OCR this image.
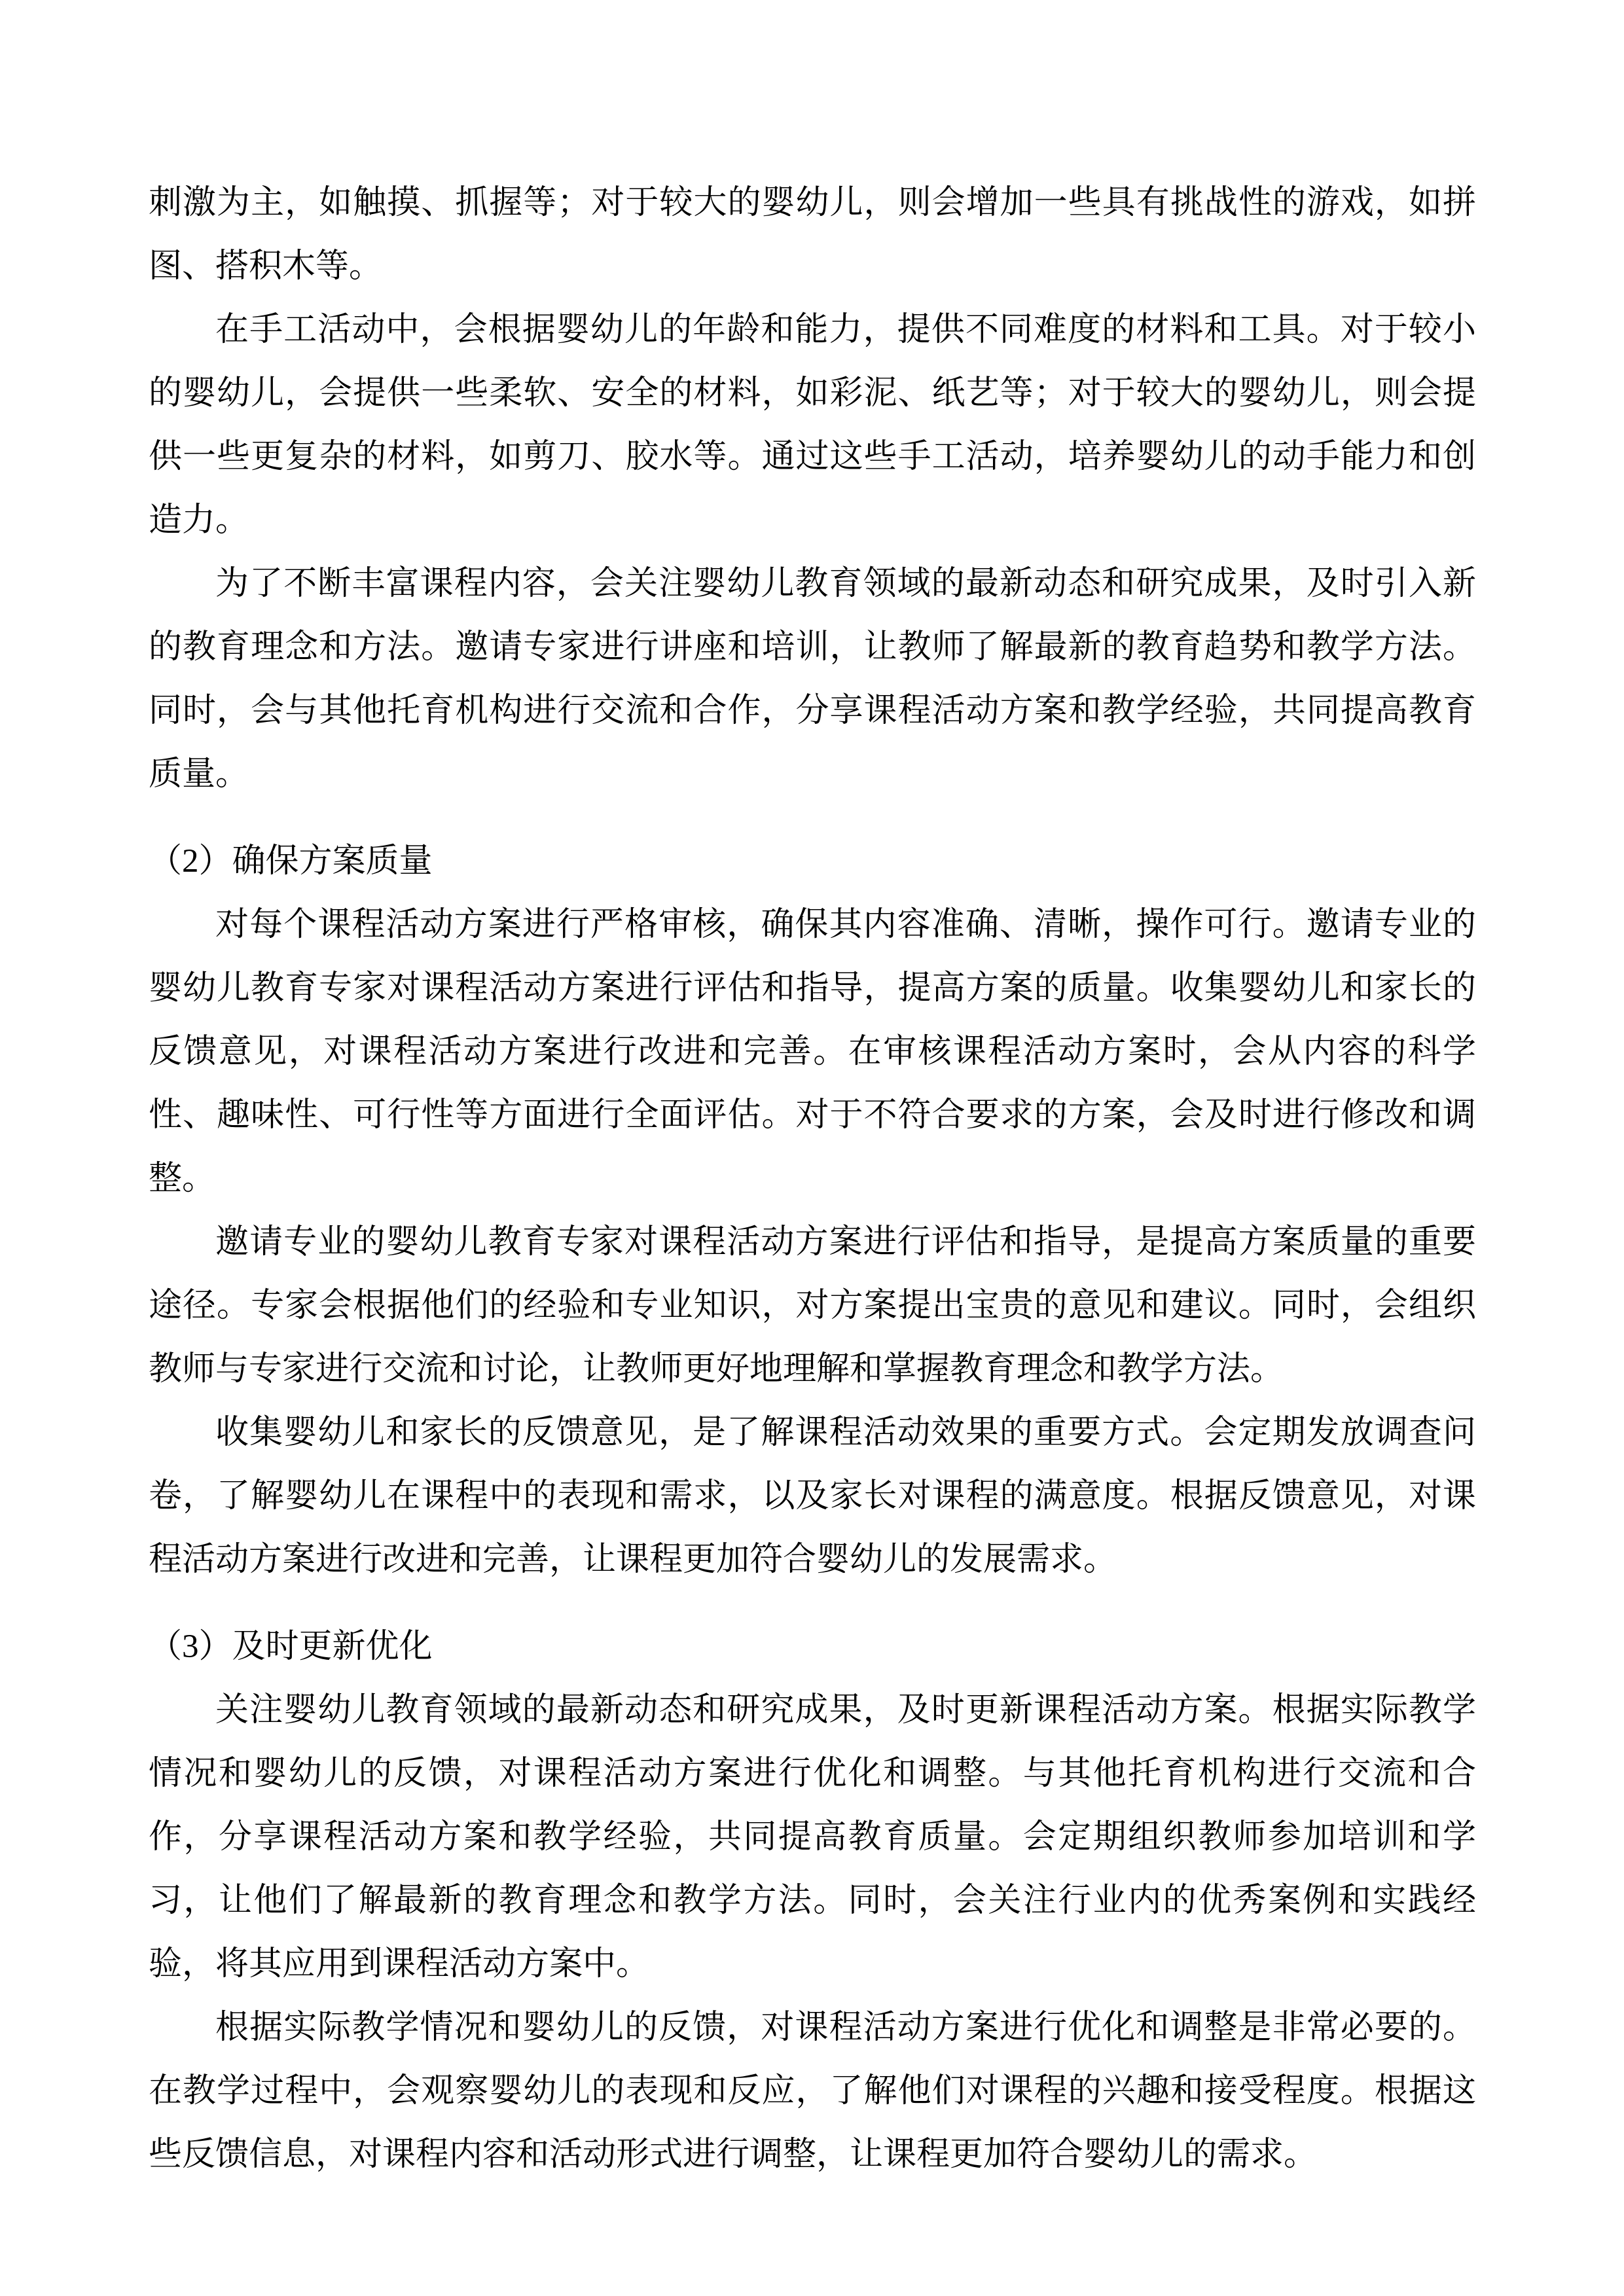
刺激为主，如触摸、抓握等；对于较大的婴幼儿，则会增加一些具有挑战性的游戏，如拼图、搭积木等。

在手工活动中，会根据婴幼儿的年龄和能力，提供不同难度的材料和工具。对于较小的婴幼儿，会提供一些柔软、安全的材料，如彩泥、纸艺等；对于较大的婴幼儿，则会提供一些更复杂的材料，如剪刀、胶水等。通过这些手工活动，培养婴幼儿的动手能力和创造力。

为了不断丰富课程内容，会关注婴幼儿教育领域的最新动态和研究成果，及时引入新的教育理念和方法。邀请专家进行讲座和培训，让教师了解最新的教育趋势和教学方法。同时，会与其他托育机构进行交流和合作，分享课程活动方案和教学经验，共同提高教育质量。

（2）确保方案质量

对每个课程活动方案进行严格审核，确保其内容准确、清晰，操作可行。邀请专业的婴幼儿教育专家对课程活动方案进行评估和指导，提高方案的质量。收集婴幼儿和家长的反馈意见，对课程活动方案进行改进和完善。在审核课程活动方案时，会从内容的科学性、趣味性、可行性等方面进行全面评估。对于不符合要求的方案，会及时进行修改和调整。

邀请专业的婴幼儿教育专家对课程活动方案进行评估和指导，是提高方案质量的重要途径。专家会根据他们的经验和专业知识，对方案提出宝贵的意见和建议。同时，会组织教师与专家进行交流和讨论，让教师更好地理解和掌握教育理念和教学方法。

收集婴幼儿和家长的反馈意见，是了解课程活动效果的重要方式。会定期发放调查问卷，了解婴幼儿在课程中的表现和需求，以及家长对课程的满意度。根据反馈意见，对课程活动方案进行改进和完善，让课程更加符合婴幼儿的发展需求。

（3）及时更新优化

关注婴幼儿教育领域的最新动态和研究成果，及时更新课程活动方案。根据实际教学情况和婴幼儿的反馈，对课程活动方案进行优化和调整。与其他托育机构进行交流和合作，分享课程活动方案和教学经验，共同提高教育质量。会定期组织教师参加培训和学习，让他们了解最新的教育理念和教学方法。同时，会关注行业内的优秀案例和实践经验，将其应用到课程活动方案中。

根据实际教学情况和婴幼儿的反馈，对课程活动方案进行优化和调整是非常必要的。在教学过程中，会观察婴幼儿的表现和反应，了解他们对课程的兴趣和接受程度。根据这些反馈信息，对课程内容和活动形式进行调整，让课程更加符合婴幼儿的需求。
